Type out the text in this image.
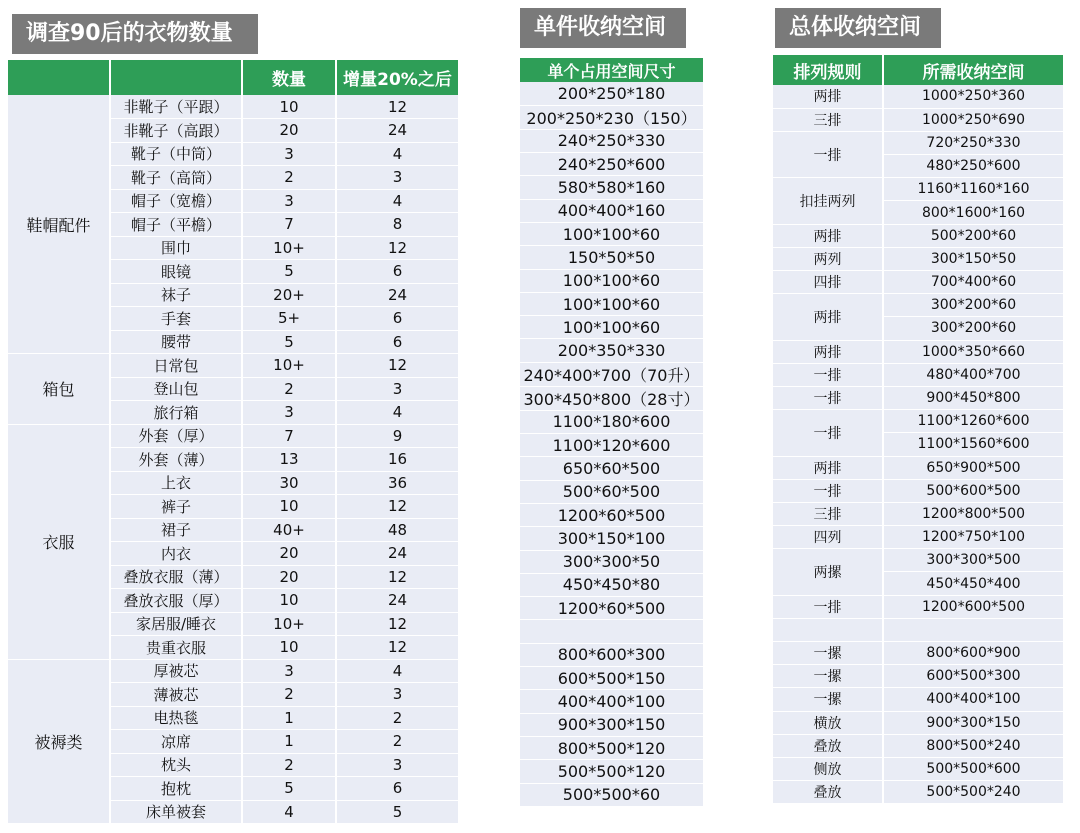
调查90后的衣物数量	单件收纳空间	总体收纳空间
		数量	增量20%之后
鞋帽配件	非靴子（平跟）	10	12
	非靴子（高跟）	20	24
	靴子（中筒）	3	4
	靴子（高筒）	2	3
	帽子（宽檐）	3	4
	帽子（平檐）	7	8
	围巾	10+	12
	眼镜	5	6
	袜子	20+	24
	手套	5+	6
	腰带	5	6
箱包	日常包	10+	12
	登山包	2	3
	旅行箱	3	4
衣服	外套（厚）	7	9
	外套（薄）	13	16
	上衣	30	36
	裤子	10	12
	裙子	40+	48
	内衣	20	24
	叠放衣服（薄）	20	12
	叠放衣服（厚）	10	24
	家居服/睡衣	10+	12
	贵重衣服	10	12
被褥类	厚被芯	3	4
	薄被芯	2	3
	电热毯	1	2
	凉席	1	2
	枕头	2	3
	抱枕	5	6
	床单被套	4	5
单个占用空间尺寸
200*250*180
200*250*230（150）
240*250*330
240*250*600
580*580*160
400*400*160
100*100*60
150*50*50
100*100*60
100*100*60
100*100*60
200*350*330
240*400*700（70升）
300*450*800（28寸）
1100*180*600
1100*120*600
650*60*500
500*60*500
1200*60*500
300*150*100
300*300*50
450*450*80
1200*60*500

800*600*300
600*500*150
400*400*100
900*300*150
800*500*120
500*500*120
500*500*60
排列规则	所需收纳空间
两排	1000*250*360
三排	1000*250*690
一排	720*250*330
	480*250*600
扣挂两列	1160*1160*160
	800*1600*160
两排	500*200*60
两列	300*150*50
四排	700*400*60
两排	300*200*60
	300*200*60
两排	1000*350*660
一排	480*400*700
一排	900*450*800
一排	1100*1260*600
	1100*1560*600
两排	650*900*500
一排	500*600*500
三排	1200*800*500
四列	1200*750*100
两摞	300*300*500
	450*450*400
一排	1200*600*500

一摞	800*600*900
一摞	600*500*300
一摞	400*400*100
横放	900*300*150
叠放	800*500*240
侧放	500*500*600
叠放	500*500*240
